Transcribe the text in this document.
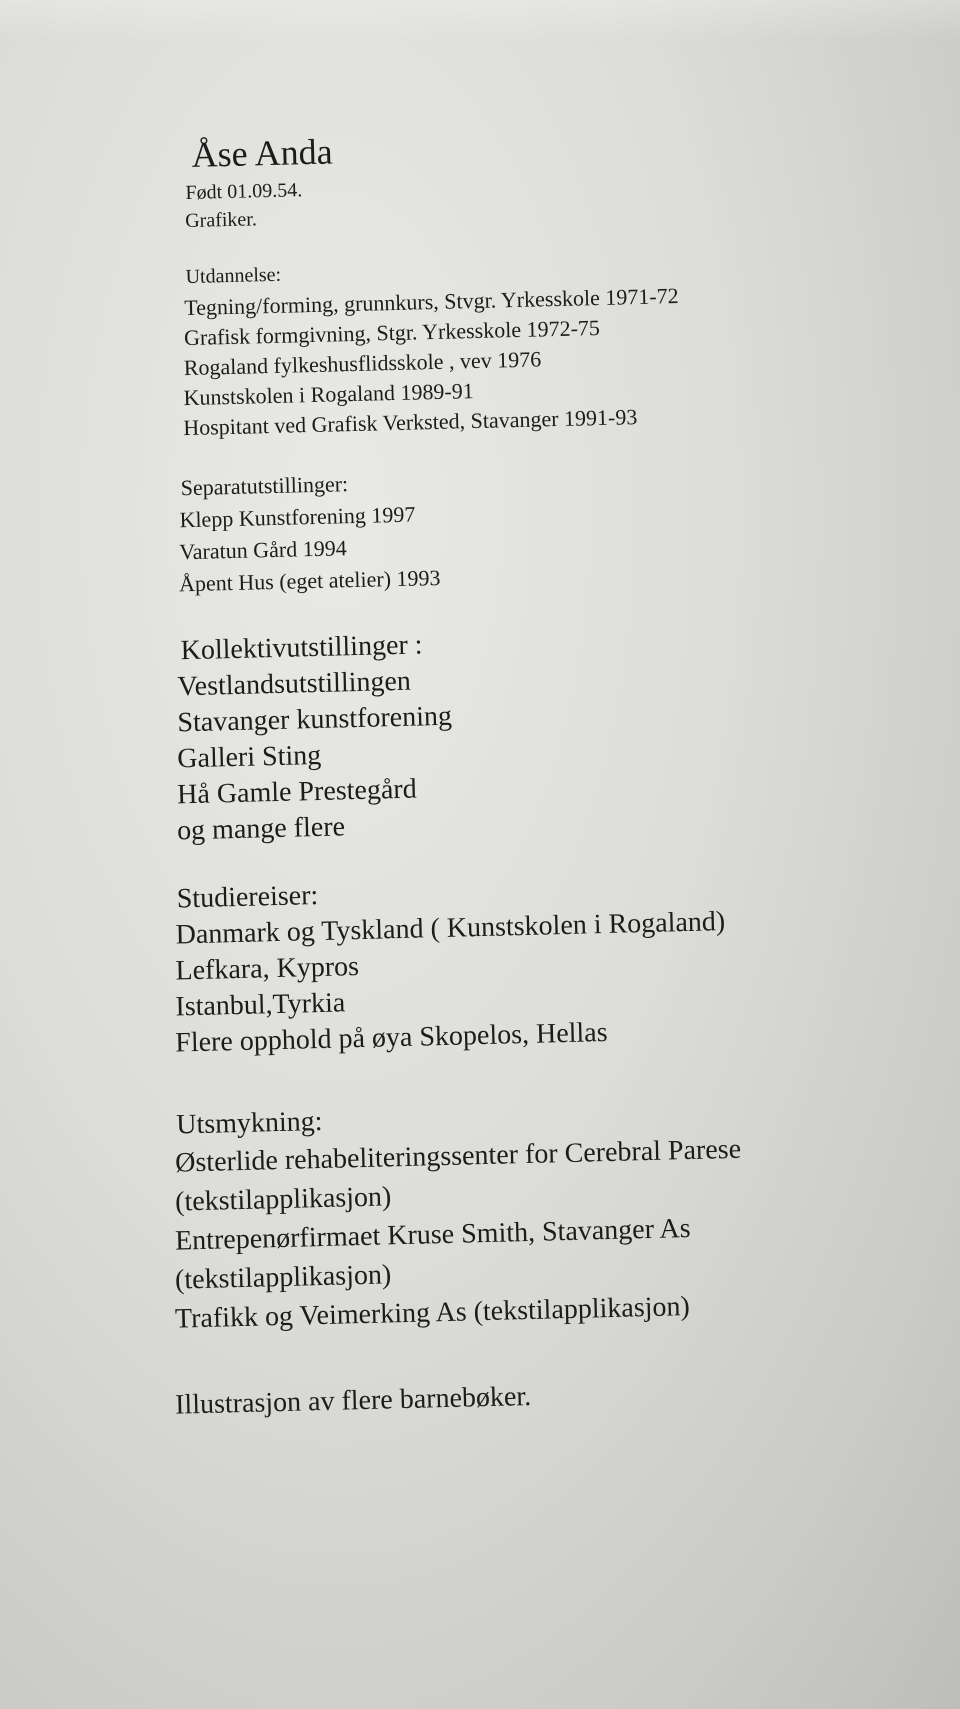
Åse Anda
Født 01.09.54.
Grafiker.
Utdannelse:
Tegning/forming, grunnkurs, Stvgr. Yrkesskole 1971-72
Grafisk formgivning, Stgr. Yrkesskole 1972-75
Rogaland fylkeshusflidsskole , vev 1976
Kunstskolen i Rogaland 1989-91
Hospitant ved Grafisk Verksted, Stavanger 1991-93
Separatutstillinger:
Klepp Kunstforening 1997
Varatun Gård 1994
Åpent Hus (eget atelier) 1993
Kollektivutstillinger :
Vestlandsutstillingen
Stavanger kunstforening
Galleri Sting
Hå Gamle Prestegård
og mange flere
Studiereiser:
Danmark og Tyskland ( Kunstskolen i Rogaland)
Lefkara, Kypros
Istanbul,Tyrkia
Flere opphold på øya Skopelos, Hellas
Utsmykning:
Østerlide rehabeliteringssenter for Cerebral Parese
(tekstilapplikasjon)
Entrepenørfirmaet Kruse Smith, Stavanger As
(tekstilapplikasjon)
Trafikk og Veimerking As (tekstilapplikasjon)
Illustrasjon av flere barnebøker.
